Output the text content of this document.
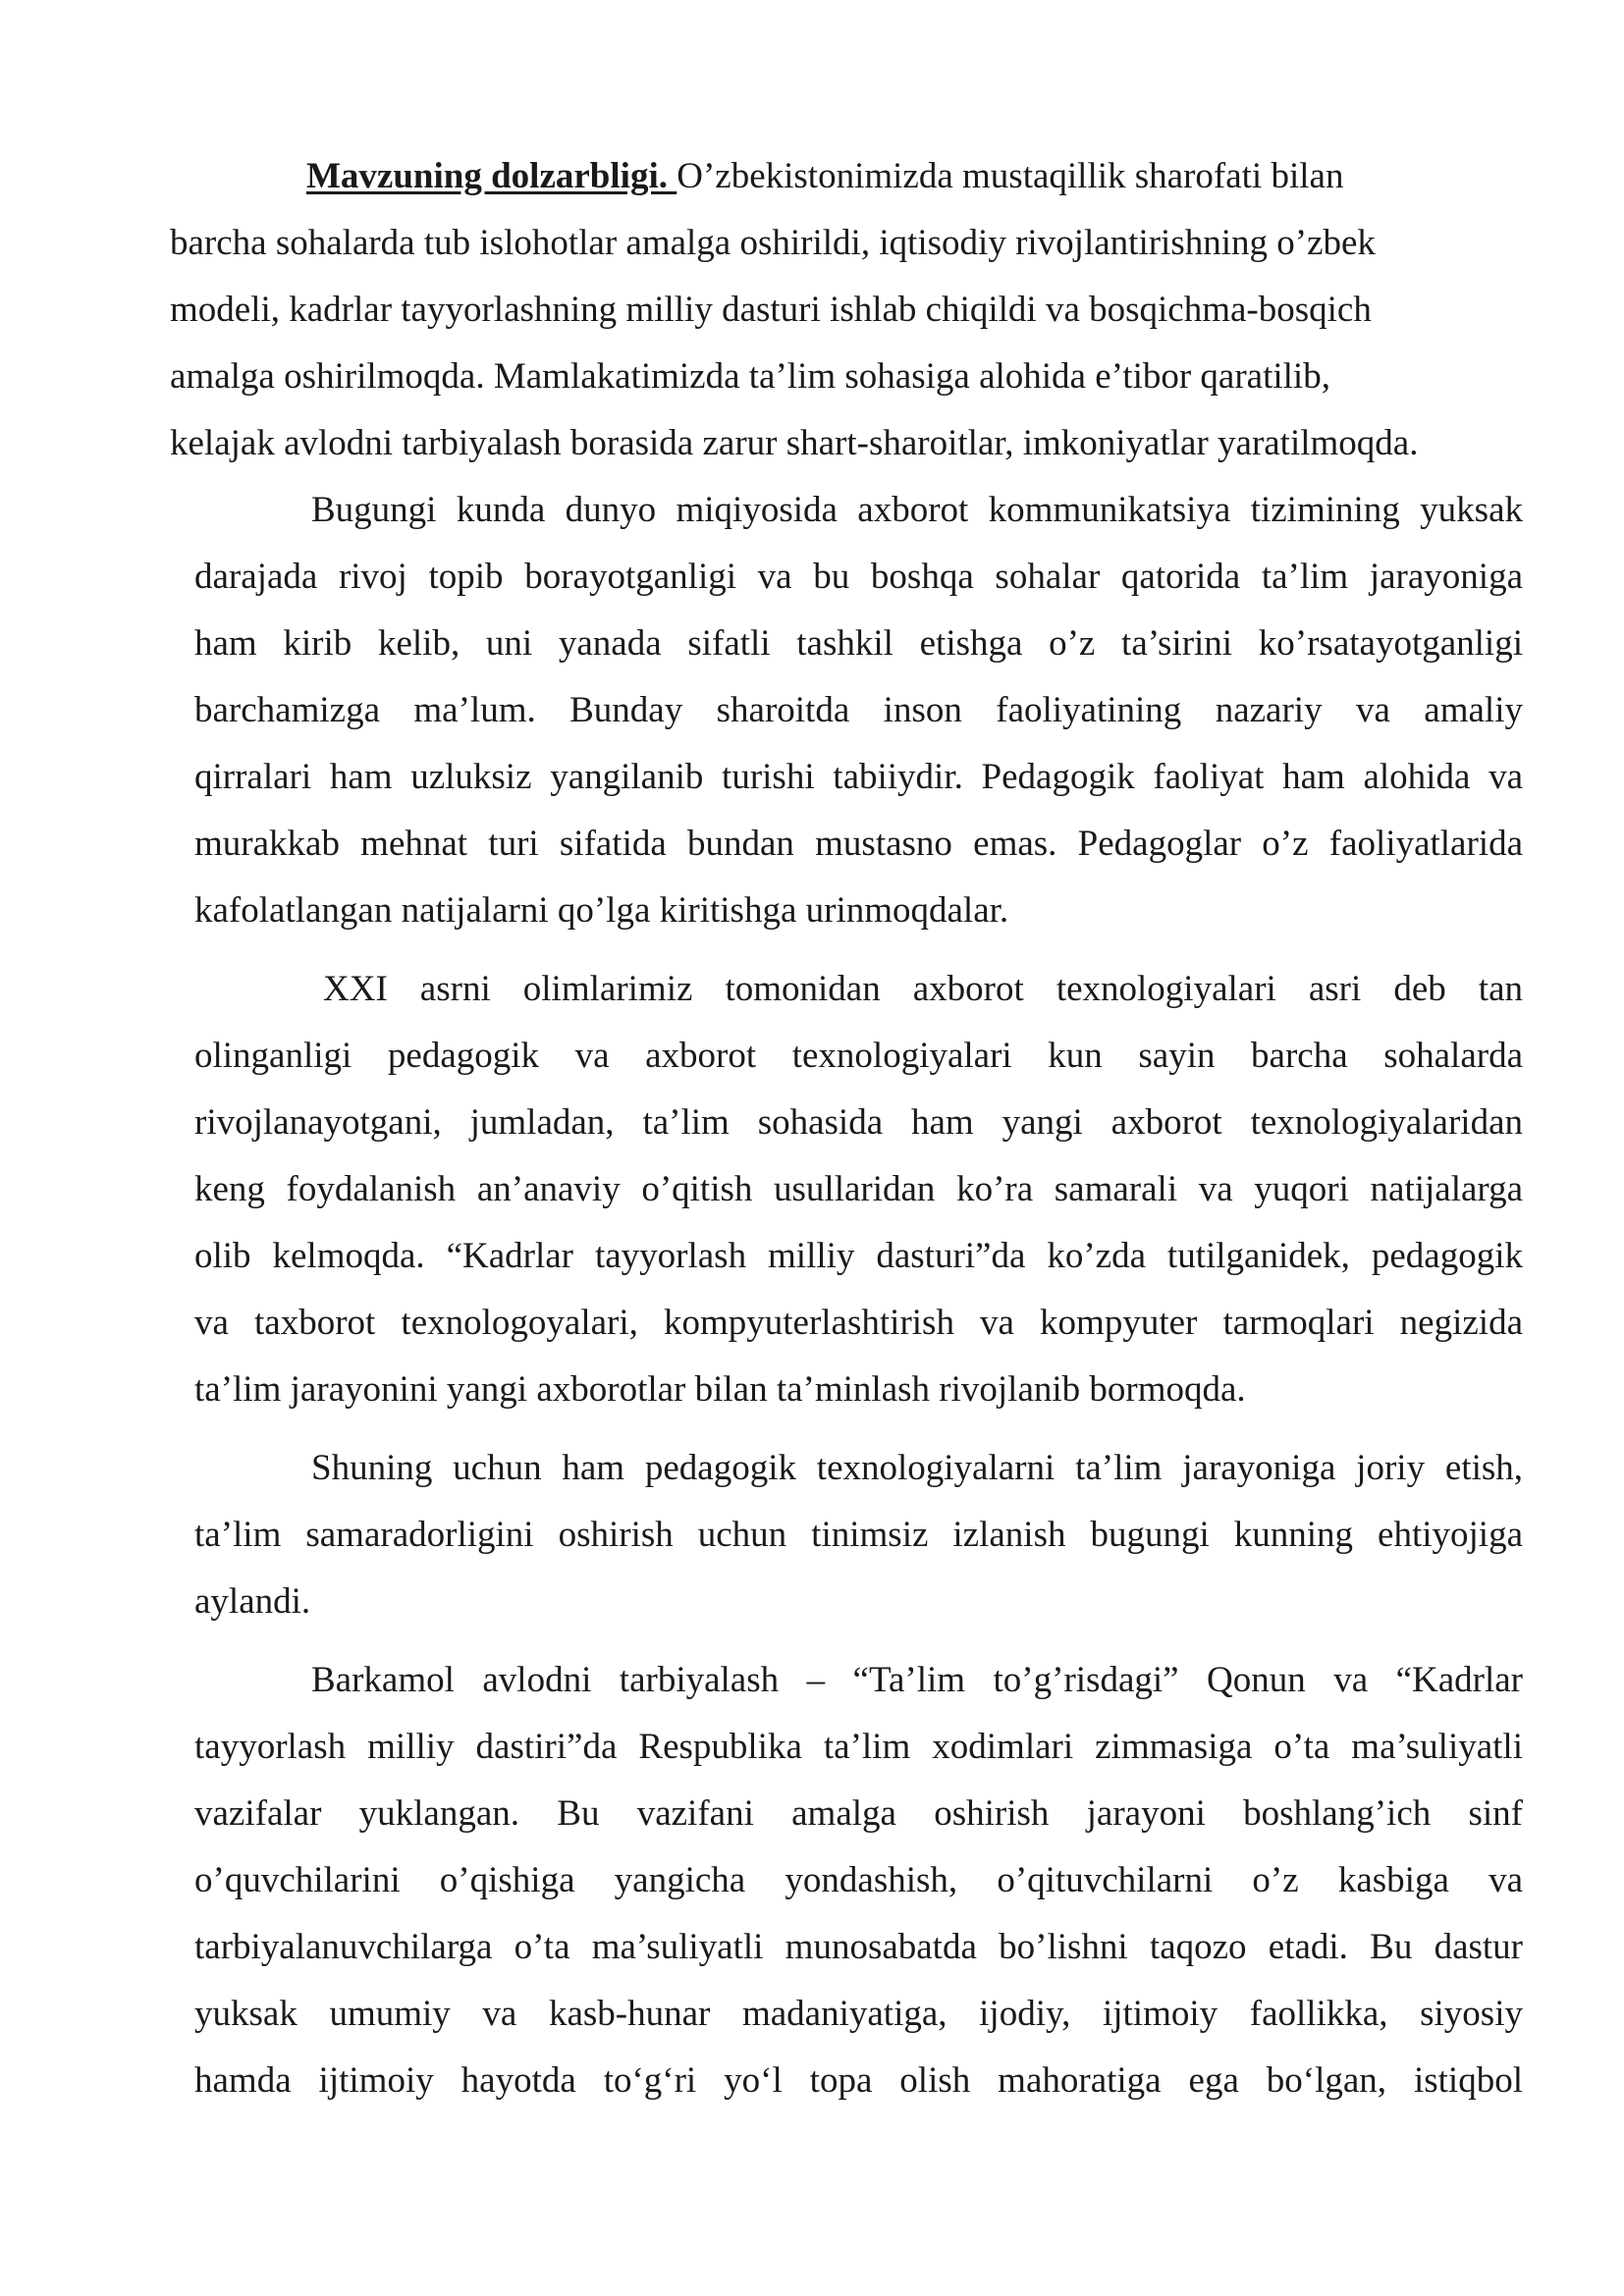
Mavzuning dolzarbligi. O’zbekistonimizda mustaqillik sharofati bilan
barcha sohalarda tub islohotlar amalga oshirildi, iqtisodiy rivojlantirishning o’zbek
modeli, kadrlar tayyorlashning milliy dasturi ishlab chiqildi va bosqichma-bosqich
amalga oshirilmoqda. Mamlakatimizda ta’lim sohasiga alohida e’tibor qaratilib,
kelajak avlodni tarbiyalash borasida zarur shart-sharoitlar, imkoniyatlar yaratilmoqda.
Bugungi kunda dunyo miqiyosida axborot kommunikatsiya tizimining yuksak
darajada rivoj topib borayotganligi va bu boshqa sohalar qatorida ta’lim jarayoniga
ham kirib kelib, uni yanada sifatli tashkil etishga o’z ta’sirini ko’rsatayotganligi
barchamizga ma’lum. Bunday sharoitda inson faoliyatining nazariy va amaliy
qirralari ham uzluksiz yangilanib turishi tabiiydir. Pedagogik faoliyat ham alohida va
murakkab mehnat turi sifatida bundan mustasno emas. Pedagoglar o’z faoliyatlarida
kafolatlangan natijalarni qo’lga kiritishga urinmoqdalar.
XXI asrni olimlarimiz tomonidan axborot texnologiyalari asri deb tan
olinganligi pedagogik va axborot texnologiyalari kun sayin barcha sohalarda
rivojlanayotgani, jumladan, ta’lim sohasida ham yangi axborot texnologiyalaridan
keng foydalanish an’anaviy o’qitish usullaridan ko’ra samarali va yuqori natijalarga
olib kelmoqda. “Kadrlar tayyorlash milliy dasturi”da ko’zda tutilganidek, pedagogik
va taxborot texnologoyalari, kompyuterlashtirish va kompyuter tarmoqlari negizida
ta’lim jarayonini yangi axborotlar bilan ta’minlash rivojlanib bormoqda.
Shuning uchun ham pedagogik texnologiyalarni ta’lim jarayoniga joriy etish,
ta’lim samaradorligini oshirish uchun tinimsiz izlanish bugungi kunning ehtiyojiga
aylandi.
Barkamol avlodni tarbiyalash – “Ta’lim to’g’risdagi” Qonun va “Kadrlar
tayyorlash milliy dastiri”da Respublika ta’lim xodimlari zimmasiga o’ta ma’suliyatli
vazifalar yuklangan. Bu vazifani amalga oshirish jarayoni boshlang’ich sinf
o’quvchilarini o’qishiga yangicha yondashish, o’qituvchilarni o’z kasbiga va
tarbiyalanuvchilarga o’ta ma’suliyatli munosabatda bo’lishni taqozo etadi. Bu dastur
yuksak umumiy va kasb-hunar madaniyatiga, ijodiy, ijtimoiy faollikka, siyosiy
hamda ijtimoiy hayotda to‘g‘ri yo‘l topa olish mahoratiga ega bo‘lgan, istiqbol
